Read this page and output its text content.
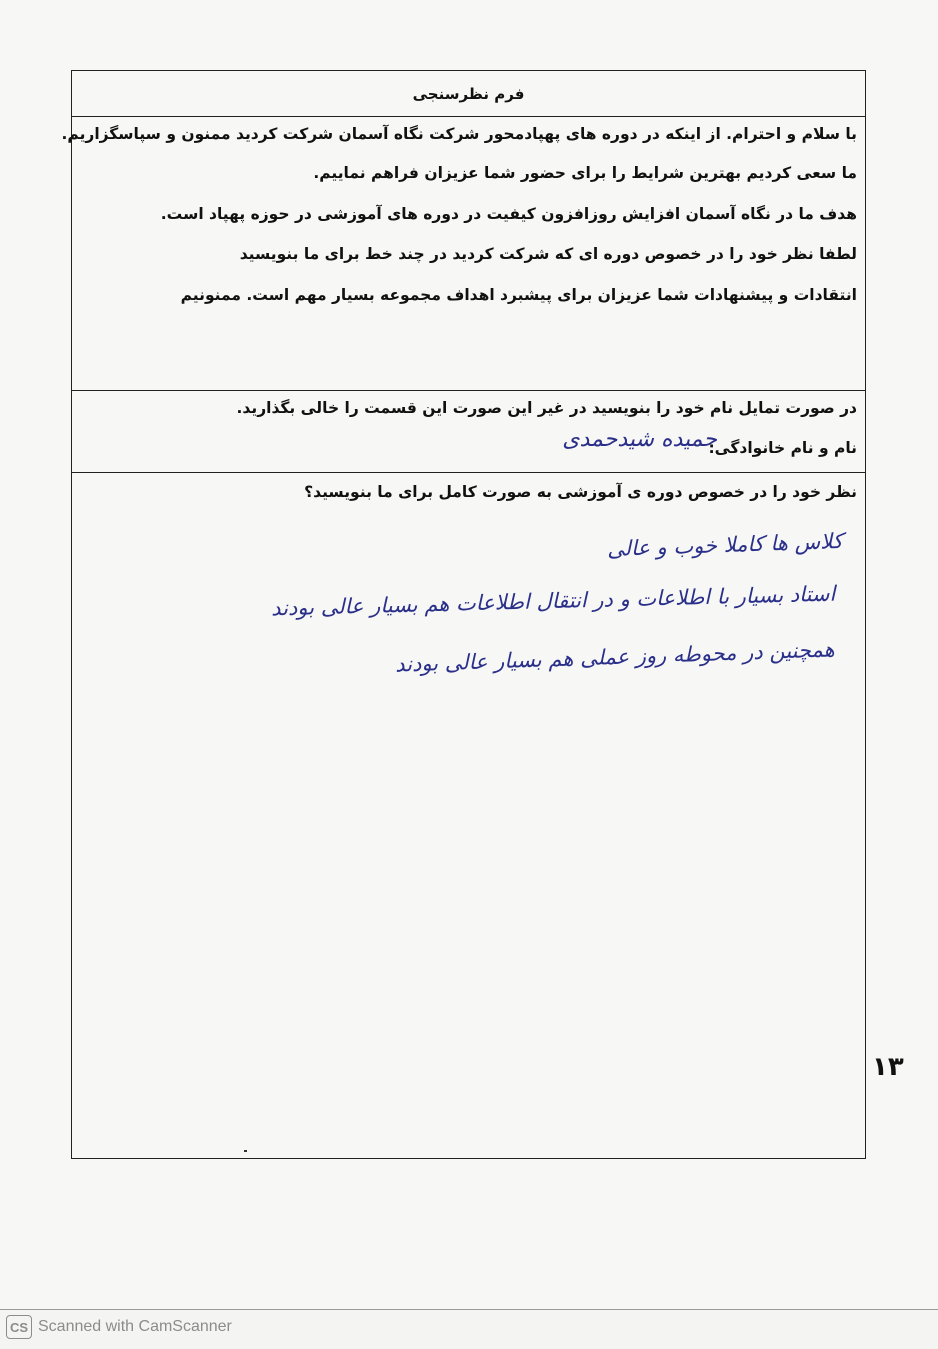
فرم نظرسنجی
با سلام و احترام. از اینکه در دوره های پهپادمحور شرکت نگاه آسمان شرکت کردید ممنون و سپاسگزاریم.
ما سعی کردیم بهترین شرایط را برای حضور شما عزیزان فراهم نماییم.
هدف ما در نگاه آسمان افزایش روزافزون کیفیت در دوره های آموزشی در حوزه پهپاد است.
لطفا نظر خود را در خصوص دوره ای که شرکت کردید در چند خط برای ما بنویسید
انتقادات و پیشنهادات شما عزیزان برای پیشبرد اهداف مجموعه بسیار مهم است. ممنونیم
در صورت تمایل نام خود را بنویسید در غیر این صورت این قسمت را خالی بگذارید.
نام و نام خانوادگی:
حمیده شیدحمدی
نظر خود را در خصوص دوره ی آموزشی به صورت کامل برای ما بنویسید؟
کلاس ها کاملا خوب و عالی
استاد بسیار با اطلاعات و در انتقال اطلاعات هم بسیار عالی بودند
همچنین در محوطه روز عملی هم بسیار عالی بودند
۱۳
CS Scanned with CamScanner
